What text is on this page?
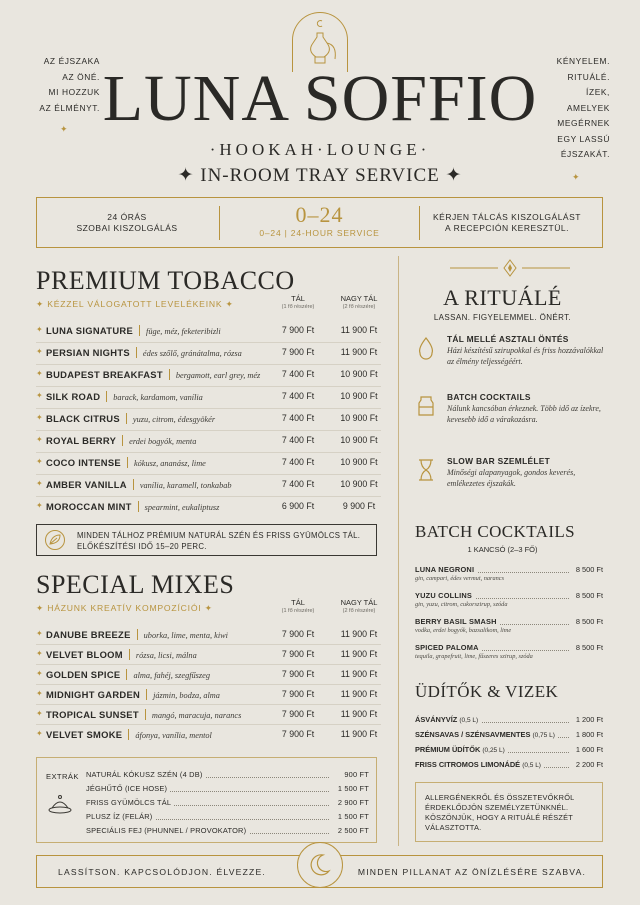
AZ ÉJSZAKA
AZ ÖNÉ.
MI HOZZUK
AZ ÉLMÉNYT.
✦
KÉNYELEM.
RITUÁLÉ.
ÍZEK,
AMELYEK
MEGÉRNEK
EGY LASSÚ
ÉJSZAKÁT.
✦
LUNA SOFFIO
·HOOKAH·LOUNGE·
✦ IN-ROOM TRAY SERVICE ✦
24 ÓRÁS
SZOBAI KISZOLGÁLÁS
0–24
0–24 | 24-HOUR SERVICE
KÉRJEN TÁLCÁS KISZOLGÁLÁST
A RECEPCIÓN KERESZTÜL.
PREMIUM TOBACCO
✦ KÉZZEL VÁLOGATOTT LEVELÉKEINK ✦
TÁL
(1 fő részére)
NAGY TÁL
(2 fő részére)
✦ LUNA SIGNATURE füge, méz, feketeribizli	7 900 Ft	11 900 Ft
✦ PERSIAN NIGHTS édes szőlő, gránátalma, rózsa	7 900 Ft	11 900 Ft
✦ BUDAPEST BREAKFAST bergamott, earl grey, méz	7 400 Ft	10 900 Ft
✦ SILK ROAD barack, kardamom, vanília	7 400 Ft	10 900 Ft
✦ BLACK CITRUS yuzu, citrom, édesgyökér	7 400 Ft	10 900 Ft
✦ ROYAL BERRY erdei bogyók, menta	7 400 Ft	10 900 Ft
✦ COCO INTENSE kókusz, ananász, lime	7 400 Ft	10 900 Ft
✦ AMBER VANILLA vanília, karamell, tonkabab	7 400 Ft	10 900 Ft
✦ MOROCCAN MINT spearmint, eukaliptusz	6 900 Ft	9 900 Ft
MINDEN TÁLHOZ PRÉMIUM NATURÁL SZÉN ÉS FRISS GYÜMÖLCS TÁL.
ELŐKÉSZÍTÉSI IDŐ 15–20 PERC.
SPECIAL MIXES
✦ HÁZUNK KREATÍV KOMPOZÍCIÓI ✦
TÁL
(1 fő részére)
NAGY TÁL
(2 fő részére)
✦ DANUBE BREEZE uborka, lime, menta, kiwi	7 900 Ft	11 900 Ft
✦ VELVET BLOOM rózsa, licsi, málna	7 900 Ft	11 900 Ft
✦ GOLDEN SPICE alma, fahéj, szegfűszeg	7 900 Ft	11 900 Ft
✦ MIDNIGHT GARDEN jázmin, bodza, alma	7 900 Ft	11 900 Ft
✦ TROPICAL SUNSET mangó, maracuja, narancs	7 900 Ft	11 900 Ft
✦ VELVET SMOKE áfonya, vanília, mentol	7 900 Ft	11 900 Ft
EXTRÁK NATURÁL KÓKUSZ SZÉN (4 DB)	900 FT
JÉGHŰTŐ (ICE HOSE)	1 500 FT
FRISS GYÜMÖLCS TÁL	2 900 FT
PLUSZ ÍZ (FELÁR)	1 500 FT
SPECIÁLIS FEJ (PHUNNEL / PROVOKATOR)	2 500 FT
A RITUÁLÉ
LASSAN. FIGYELEMMEL. ÖNÉRT.
TÁL MELLÉ ASZTALI ÖNTÉS
Házi készítésű szirupokkal és friss hozzávalókkal az élmény teljességéért.
BATCH COCKTAILS
Nálunk kancsóban érkeznek. Több idő az ízekre, kevesebb idő a várakozásra.
SLOW BAR SZEMLÉLET
Minőségi alapanyagok, gondos keverés, emlékezetes éjszakák.
BATCH COCKTAILS
1 KANCSÓ (2–3 FŐ)
LUNA NEGRONI	8 500 Ft
gin, campari, édes vermut, narancs
YUZU COLLINS	8 500 Ft
gin, yuzu, citrom, cukorszirup, szóda
BERRY BASIL SMASH	8 500 Ft
vodka, erdei bogyók, bazsalikom, lime
SPICED PALOMA	8 500 Ft
tequila, grapefruit, lime, fűszeres szirup, szóda
ÜDÍTŐK & VIZEK
ÁSVÁNYVÍZ (0,5 L)	1 200 Ft
SZÉNSAVAS / SZÉNSAVMENTES (0,75 L)	1 800 Ft
PRÉMIUM ÜDÍTŐK (0,25 L)	1 600 Ft
FRISS CITROMOS LIMONÁDÉ (0,5 L)	2 200 Ft
ALLERGÉNEKRŐL ÉS ÖSSZETEVŐKRŐL ÉRDEKLŐDJÖN SZEMÉLYZETÜNKNÉL. KÖSZÖNJÜK, HOGY A RITUÁLÉ RÉSZÉT VÁLASZTOTTA.
LASSÍTSON. KAPCSOLÓDJON. ÉLVEZZE.	MINDEN PILLANAT AZ ÖNÍZLÉSÉRE SZABVA.
